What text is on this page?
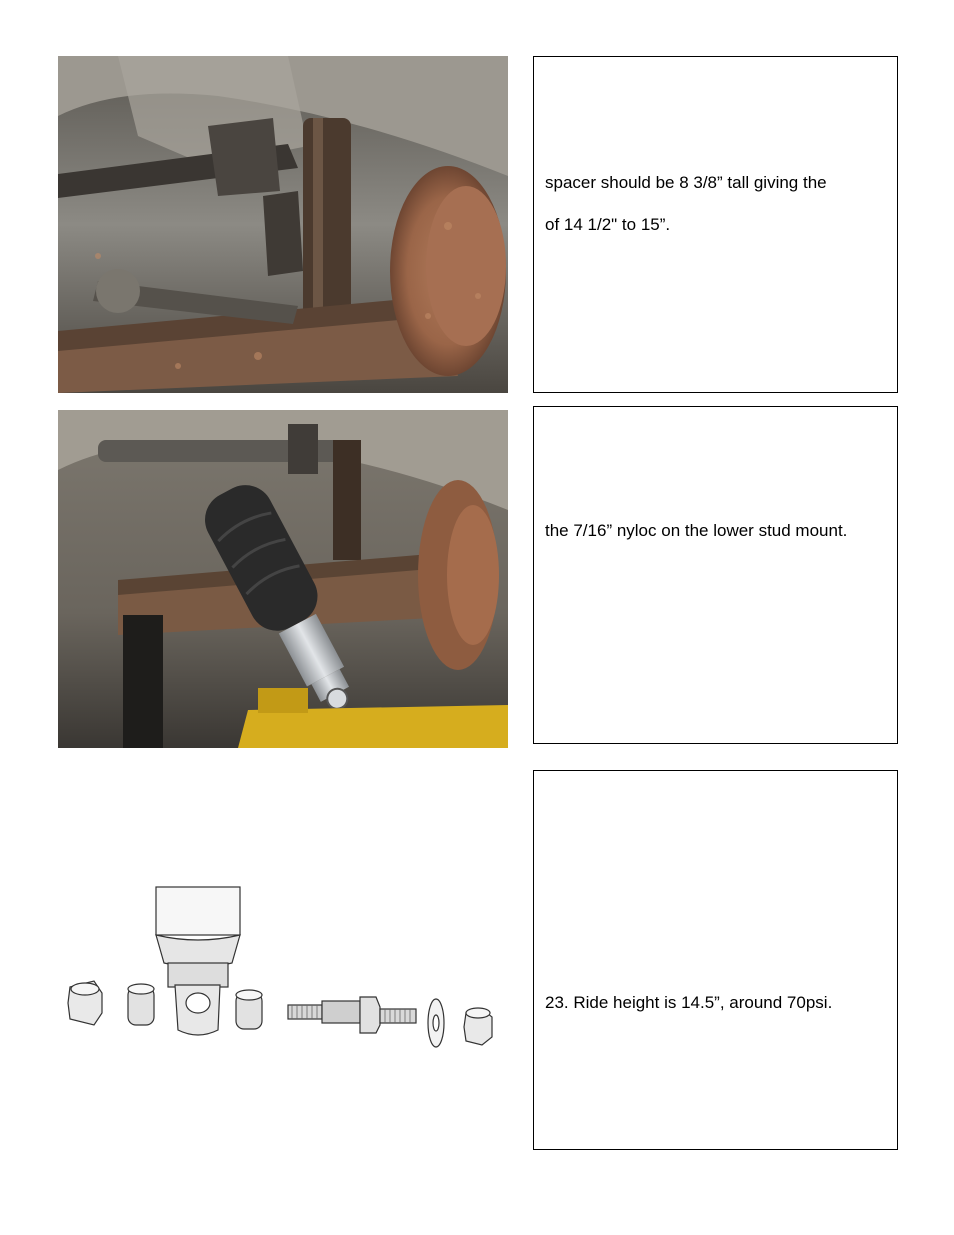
spacer should be 8 3/8” tall giving the
of 14 1/2" to 15”.
the 7/16” nyloc on the lower stud mount.
23. Ride height is 14.5”, around 70psi.
